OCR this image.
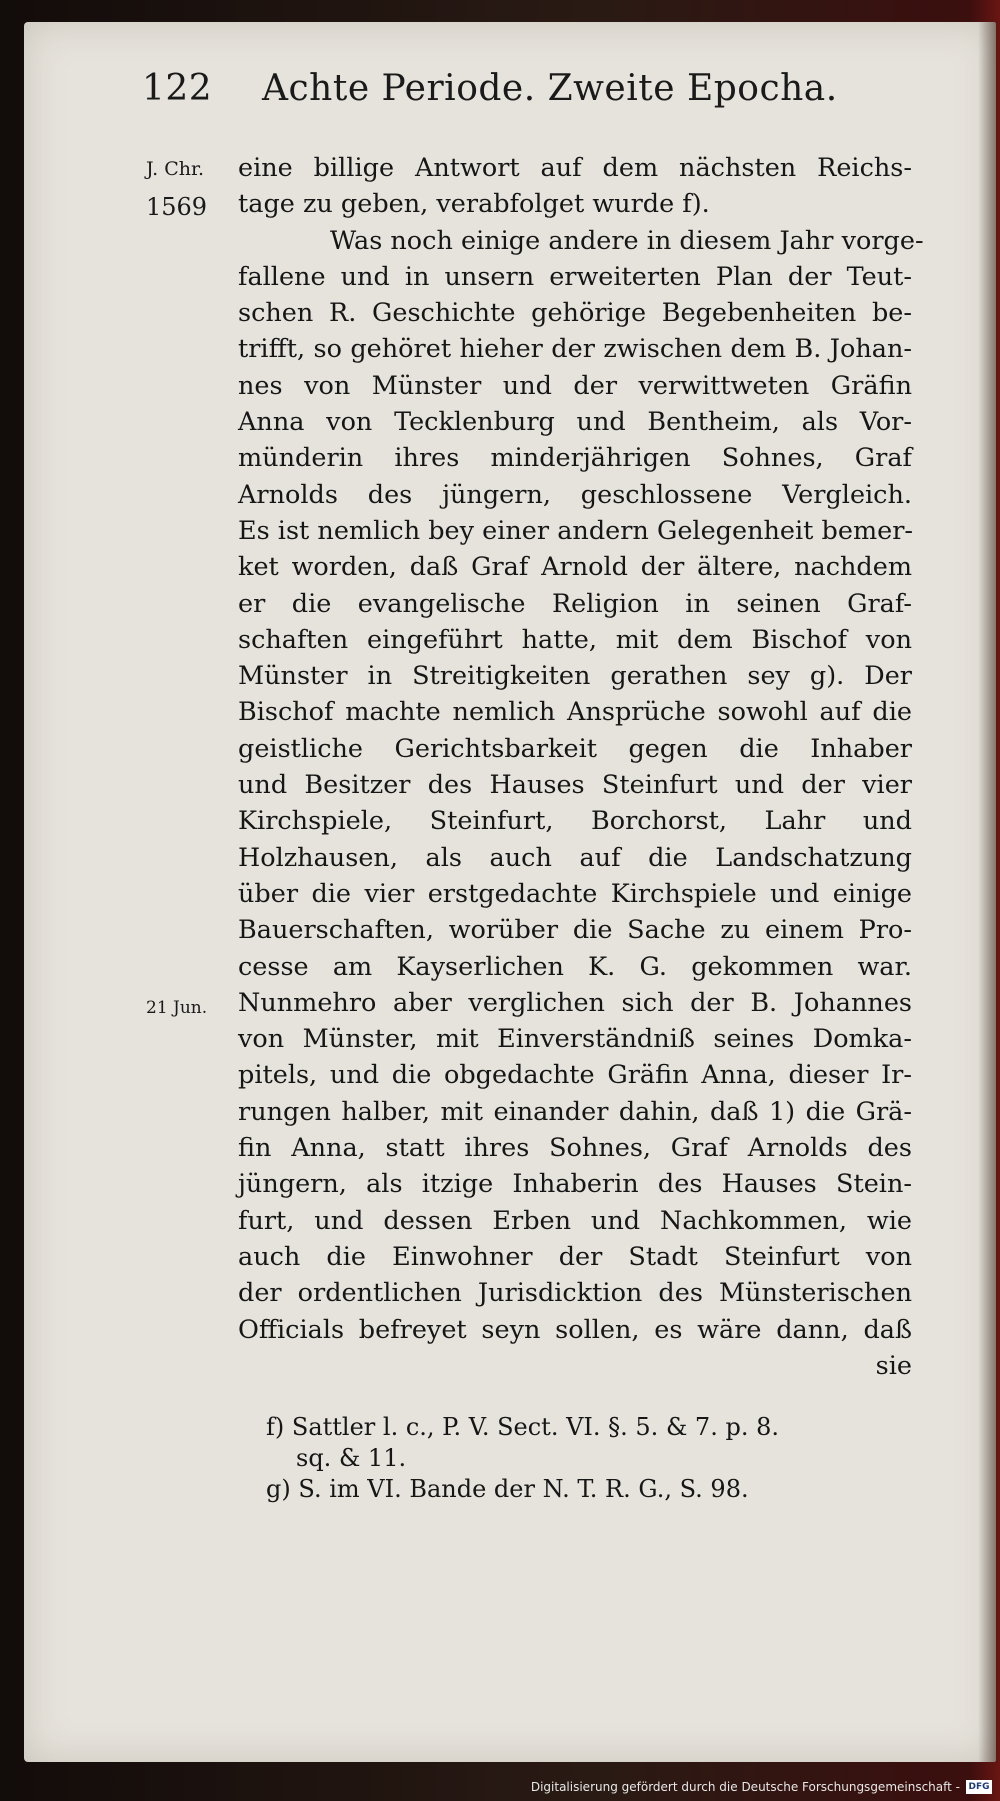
122	Achte Periode. Zweite Epocha.
J. Chr.
1569
21 Jun.
eine billige Antwort auf dem nächsten Reichs-
tage zu geben, verabfolget wurde f).
Was noch einige andere in diesem Jahr vorge-
fallene und in unsern erweiterten Plan der Teut-
schen R. Geschichte gehörige Begebenheiten be-
trifft, so gehöret hieher der zwischen dem B. Johan-
nes von Münster und der verwittweten Gräfin
Anna von Tecklenburg und Bentheim, als Vor-
münderin ihres minderjährigen Sohnes, Graf
Arnolds des jüngern, geschlossene Vergleich.
Es ist nemlich bey einer andern Gelegenheit bemer-
ket worden, daß Graf Arnold der ältere, nachdem
er die evangelische Religion in seinen Graf-
schaften eingeführt hatte, mit dem Bischof von
Münster in Streitigkeiten gerathen sey g). Der
Bischof machte nemlich Ansprüche sowohl auf die
geistliche Gerichtsbarkeit gegen die Inhaber
und Besitzer des Hauses Steinfurt und der vier
Kirchspiele, Steinfurt, Borchorst, Lahr und
Holzhausen, als auch auf die Landschatzung
über die vier erstgedachte Kirchspiele und einige
Bauerschaften, worüber die Sache zu einem Pro-
cesse am Kayserlichen K. G. gekommen war.
Nunmehro aber verglichen sich der B. Johannes
von Münster, mit Einverständniß seines Domka-
pitels, und die obgedachte Gräfin Anna, dieser Ir-
rungen halber, mit einander dahin, daß 1) die Grä-
fin Anna, statt ihres Sohnes, Graf Arnolds des
jüngern, als itzige Inhaberin des Hauses Stein-
furt, und dessen Erben und Nachkommen, wie
auch die Einwohner der Stadt Steinfurt von
der ordentlichen Jurisdicktion des Münsterischen
Officials befreyet seyn sollen, es wäre dann, daß
sie
f) Sattler l. c., P. V. Sect. VI. §. 5. & 7. p. 8.
sq. & 11.
g) S. im VI. Bande der N. T. R. G., S. 98.
Digitalisierung gefördert durch die Deutsche Forschungsgemeinschaft - DFG
